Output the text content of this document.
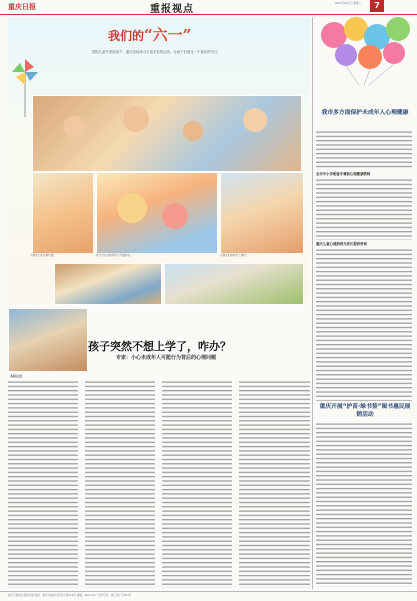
重庆日报	重报视点
2021年6月1日 星期二	7
小朋友们在认真作画。	孩子们在老师带领下开展游戏。	小朋友们体验手工制作。
我们的“六一”
国际儿童节来临前夕，重庆各地举办丰富多彩的活动，让孩子们度过一个欢乐的节日。
孩子突然不想上学了，咋办？
专家：小心未成年人可能行为背后的心理问题
本报记者
我市多方面保护未成年人心理健康
全市中小学配备专兼职心理健康教师
重庆儿童心理热线为家长提供咨询
重庆开展“护苗·绿书签”图书惠民展销活动
重庆日报报业集团出版 地址：重庆市渝北区同茂大道416号 邮编：401120 广告许可证：渝工商广字001号
